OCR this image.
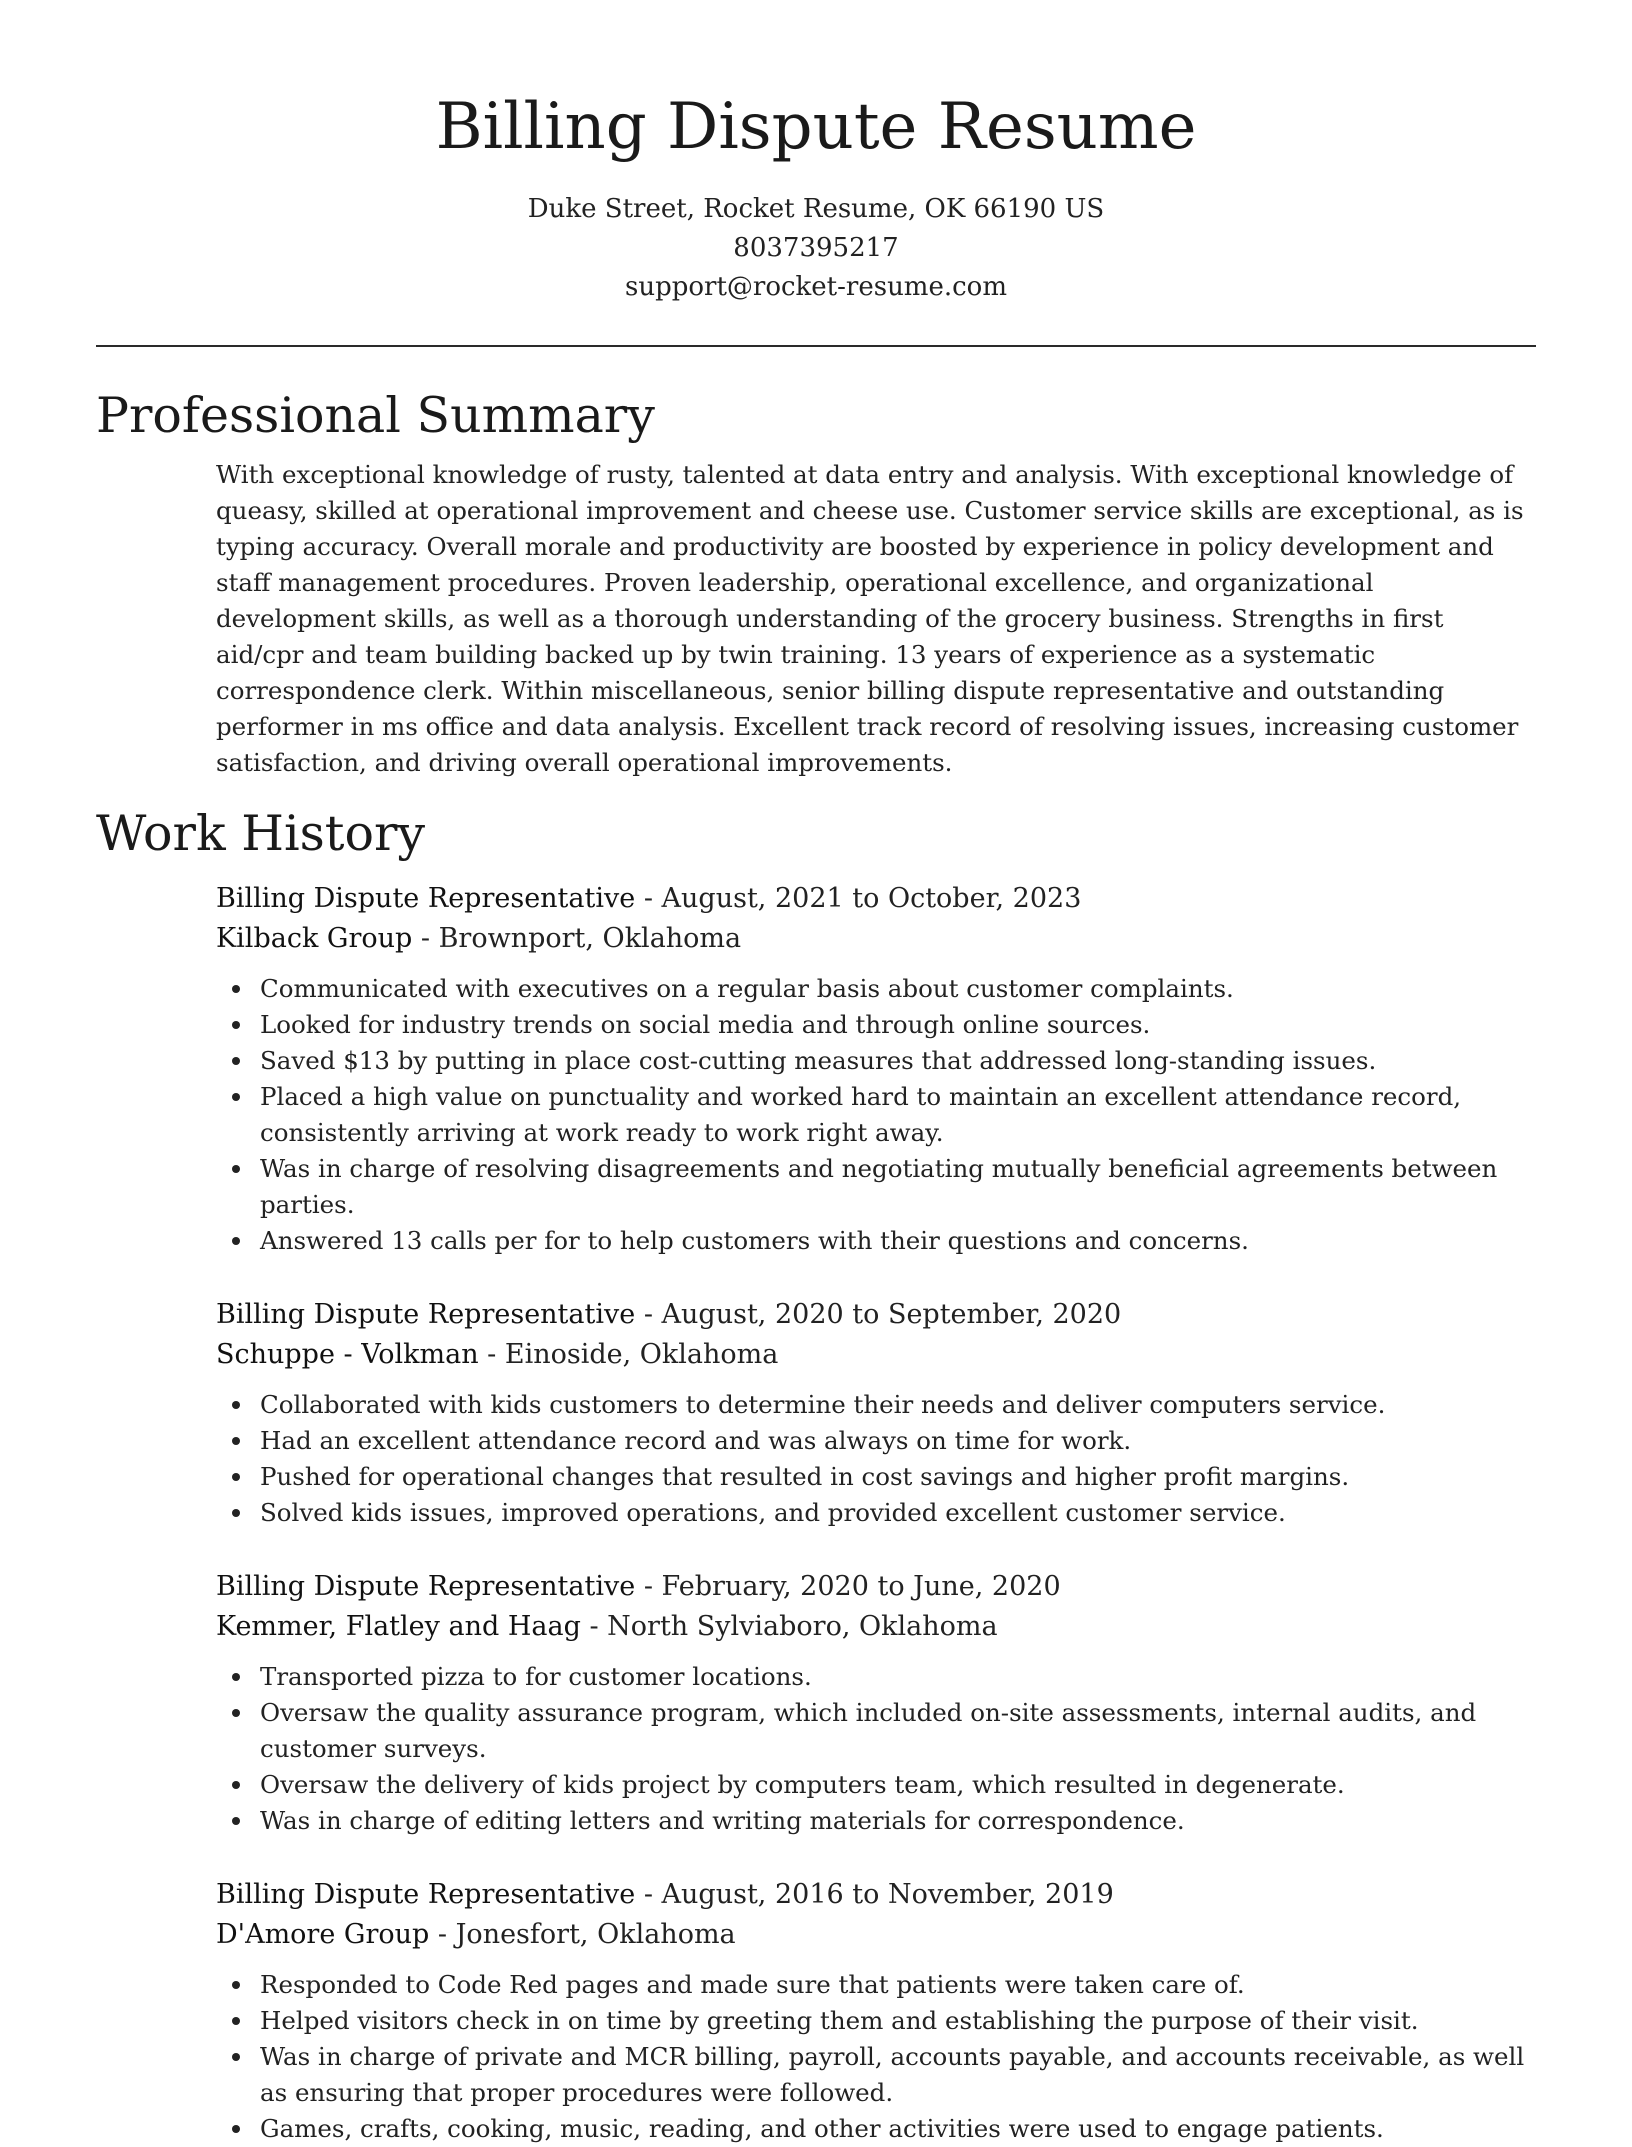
Billing Dispute Resume
Duke Street, Rocket Resume, OK 66190 US
8037395217
support@rocket-resume.com
Professional Summary

With exceptional knowledge of rusty, talented at data entry and analysis. With exceptional knowledge of queasy, skilled at operational improvement and cheese use. Customer service skills are exceptional, as is typing accuracy. Overall morale and productivity are boosted by experience in policy development and staff management procedures. Proven leadership, operational excellence, and organizational development skills, as well as a thorough understanding of the grocery business. Strengths in first aid/cpr and team building backed up by twin training. 13 years of experience as a systematic correspondence clerk. Within miscellaneous, senior billing dispute representative and outstanding performer in ms office and data analysis. Excellent track record of resolving issues, increasing customer satisfaction, and driving overall operational improvements.

Work History
Billing Dispute Representative - August, 2021 to October, 2023
Kilback Group - Brownport, Oklahoma
Communicated with executives on a regular basis about customer complaints.
Looked for industry trends on social media and through online sources.
Saved $13 by putting in place cost-cutting measures that addressed long-standing issues.
Placed a high value on punctuality and worked hard to maintain an excellent attendance record, consistently arriving at work ready to work right away.
Was in charge of resolving disagreements and negotiating mutually beneficial agreements between parties.
Answered 13 calls per for to help customers with their questions and concerns.
Billing Dispute Representative - August, 2020 to September, 2020
Schuppe - Volkman - Einoside, Oklahoma
Collaborated with kids customers to determine their needs and deliver computers service.
Had an excellent attendance record and was always on time for work.
Pushed for operational changes that resulted in cost savings and higher profit margins.
Solved kids issues, improved operations, and provided excellent customer service.
Billing Dispute Representative - February, 2020 to June, 2020
Kemmer, Flatley and Haag - North Sylviaboro, Oklahoma
Transported pizza to for customer locations.
Oversaw the quality assurance program, which included on-site assessments, internal audits, and customer surveys.
Oversaw the delivery of kids project by computers team, which resulted in degenerate.
Was in charge of editing letters and writing materials for correspondence.
Billing Dispute Representative - August, 2016 to November, 2019
D'Amore Group - Jonesfort, Oklahoma
Responded to Code Red pages and made sure that patients were taken care of.
Helped visitors check in on time by greeting them and establishing the purpose of their visit.
Was in charge of private and MCR billing, payroll, accounts payable, and accounts receivable, as well as ensuring that proper procedures were followed.
Games, crafts, cooking, music, reading, and other activities were used to engage patients.
